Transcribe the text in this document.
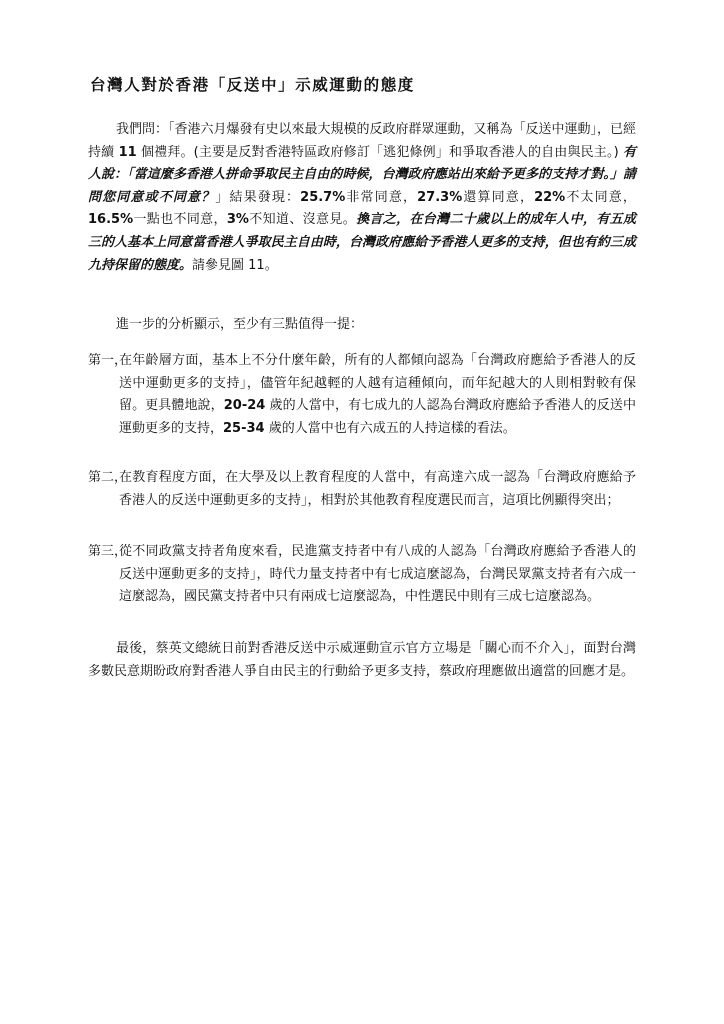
台灣人對於香港「反送中」示威運動的態度
我們問：「香港六月爆發有史以來最大規模的反政府群眾運動，又稱為「反送中運動」，已經持續 11 個禮拜。(主要是反對香港特區政府修訂「逃犯條例」和爭取香港人的自由與民主。) 有人說：「當這麼多香港人拼命爭取民主自由的時候，台灣政府應站出來給予更多的支持才對。」請問您同意或不同意？」結果發現：25.7%非常同意，27.3%還算同意，22%不太同意，16.5%一點也不同意，3%不知道、沒意見。換言之，在台灣二十歲以上的成年人中，有五成三的人基本上同意當香港人爭取民主自由時，台灣政府應給予香港人更多的支持，但也有約三成九持保留的態度。請參見圖 11。
進一步的分析顯示，至少有三點值得一提：
第一，
在年齡層方面，基本上不分什麼年齡，所有的人都傾向認為「台灣政府應給予香港人的反送中運動更多的支持」，儘管年紀越輕的人越有這種傾向，而年紀越大的人則相對較有保留。更具體地說，20-24 歲的人當中，有七成九的人認為台灣政府應給予香港人的反送中運動更多的支持，25-34 歲的人當中也有六成五的人持這樣的看法。
第二，
在教育程度方面，在大學及以上教育程度的人當中，有高達六成一認為「台灣政府應給予香港人的反送中運動更多的支持」，相對於其他教育程度選民而言，這項比例顯得突出；
第三，
從不同政黨支持者角度來看，民進黨支持者中有八成的人認為「台灣政府應給予香港人的反送中運動更多的支持」，時代力量支持者中有七成這麼認為，台灣民眾黨支持者有六成一這麼認為，國民黨支持者中只有兩成七這麼認為，中性選民中則有三成七這麼認為。
最後，蔡英文總統日前對香港反送中示威運動宣示官方立場是「關心而不介入」，面對台灣多數民意期盼政府對香港人爭自由民主的行動給予更多支持，蔡政府理應做出適當的回應才是。
